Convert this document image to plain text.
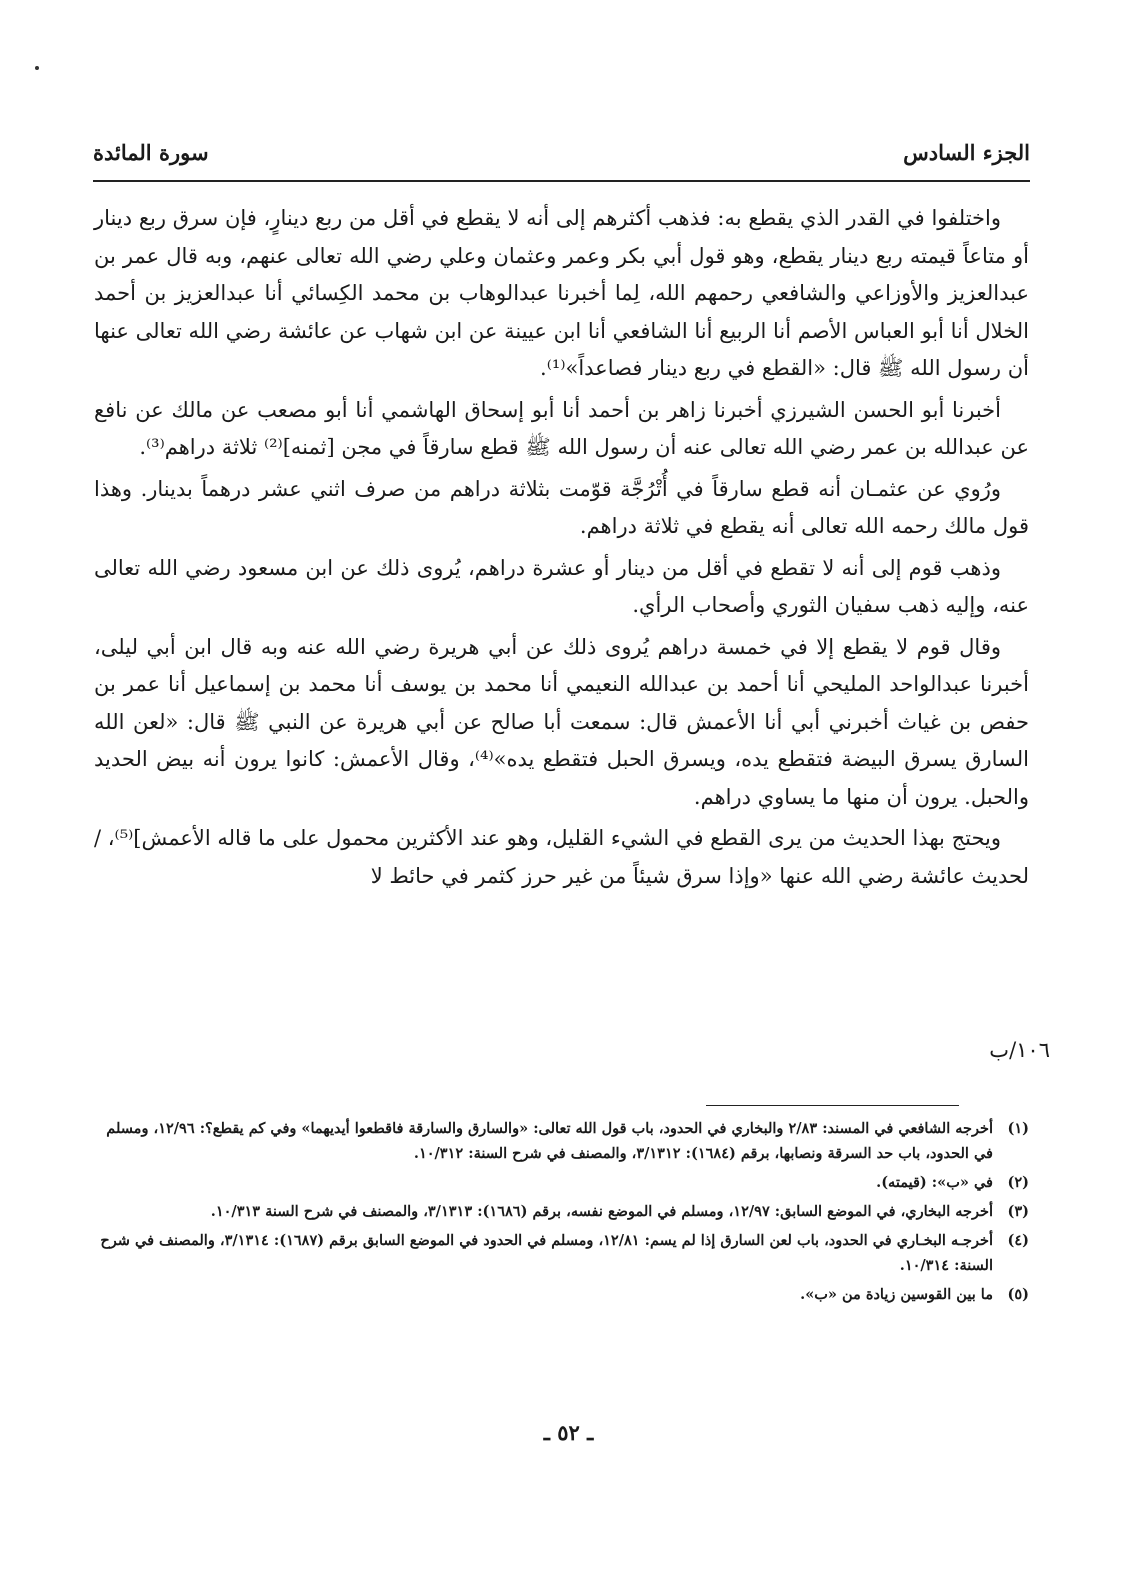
الجزء السادس
سورة المائدة

واختلفوا في القدر الذي يقطع به: فذهب أكثرهم إلى أنه لا يقطع في أقل من ربع دينارٍ، فإن سرق ربع دينار أو متاعاً قيمته ربع دينار يقطع، وهو قول أبي بكر وعمر وعثمان وعلي رضي الله تعالى عنهم، وبه قال عمر بن عبدالعزيز والأوزاعي والشافعي رحمهم الله، لِما أخبرنا عبدالوهاب بن محمد الكِسائي أنا عبدالعزيز بن أحمد الخلال أنا أبو العباس الأصم أنا الربيع أنا الشافعي أنا ابن عيينة عن ابن شهاب عن عائشة رضي الله تعالى عنها أن رسول الله ﷺ قال: «القطع في ربع دينار فصاعداً»⁽¹⁾.

أخبرنا أبو الحسن الشيرزي أخبرنا زاهر بن أحمد أنا أبو إسحاق الهاشمي أنا أبو مصعب عن مالك عن نافع عن عبدالله بن عمر رضي الله تعالى عنه أن رسول الله ﷺ قطع سارقاً في مجن [ثمنه]⁽²⁾ ثلاثة دراهم⁽³⁾.

ورُوي عن عثمـان أنه قطع سارقاً في أُتْرُجَّة قوّمت بثلاثة دراهم من صرف اثني عشر درهماً بدينار. وهذا قول مالك رحمه الله تعالى أنه يقطع في ثلاثة دراهم.

وذهب قوم إلى أنه لا تقطع في أقل من دينار أو عشرة دراهم، يُروى ذلك عن ابن مسعود رضي الله تعالى عنه، وإليه ذهب سفيان الثوري وأصحاب الرأي.

وقال قوم لا يقطع إلا في خمسة دراهم يُروى ذلك عن أبي هريرة رضي الله عنه وبه قال ابن أبي ليلى، أخبرنا عبدالواحد المليحي أنا أحمد بن عبدالله النعيمي أنا محمد بن يوسف أنا محمد بن إسماعيل أنا عمر بن حفص بن غياث أخبرني أبي أنا الأعمش قال: سمعت أبا صالح عن أبي هريرة عن النبي ﷺ قال: «لعن الله السارق يسرق البيضة فتقطع يده، ويسرق الحبل فتقطع يده»⁽⁴⁾، وقال الأعمش: كانوا يرون أنه بيض الحديد والحبل. يرون أن منها ما يساوي دراهم.

ويحتج بهذا الحديث من يرى القطع في الشيء القليل، وهو عند الأكثرين محمول على ما قاله الأعمش]⁽⁵⁾، / لحديث عائشة رضي الله عنها «وإذا سرق شيئاً من غير حرز كثمر في حائط لا

١٠٦/ب
(١)
أخرجه الشافعي في المسند: ٢/٨٣ والبخاري في الحدود، باب قول الله تعالى: «والسارق والسارقة فاقطعوا أيديهما» وفي كم يقطع؟: ١٢/٩٦، ومسلم في الحدود، باب حد السرقة ونصابها، برقم (١٦٨٤): ٣/١٣١٢، والمصنف في شرح السنة: ١٠/٣١٢.
(٢)
في «ب»: (قيمته).
(٣)
أخرجه البخاري، في الموضع السابق: ١٢/٩٧، ومسلم في الموضع نفسه، برقم (١٦٨٦): ٣/١٣١٣، والمصنف في شرح السنة ١٠/٣١٣.
(٤)
أخرجـه البخـاري في الحدود، باب لعن السارق إذا لم يسم: ١٢/٨١، ومسلم في الحدود في الموضع السابق برقم (١٦٨٧): ٣/١٣١٤، والمصنف في شرح السنة: ١٠/٣١٤.
(٥)
ما بين القوسين زيادة من «ب».
ـ ٥٢ ـ
